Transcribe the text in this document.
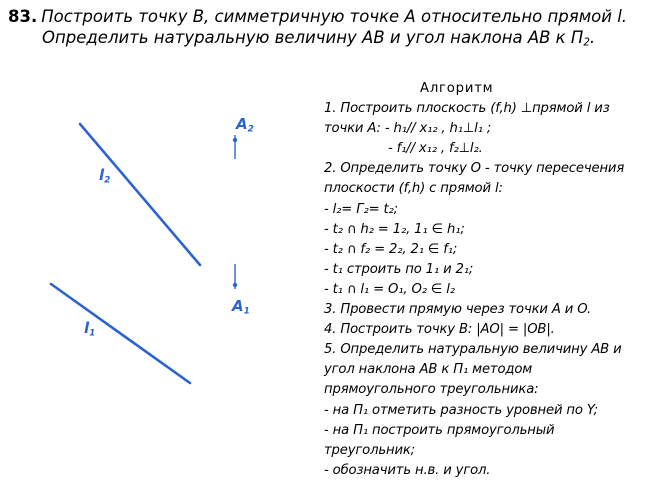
83. Построить точку B, симметричную точке A относительно прямой l.
Определить натуральную величину AB и угол наклона AB к $П_2$.
$A_2$
$A_1$
$l_2$
$l_1$
Алгоритм
1. Построить плоскость (f,h) ⊥прямой l из
точки A: - h₁// x₁₂ , h₁⊥l₁ ;
- f₁// x₁₂ , f₂⊥l₂.
2. Определить точку O - точку пересечения
плоскости (f,h) с прямой l:
- l₂= Г₂= t₂;
- t₂ ∩ h₂ = 1₂, 1₁ ∈ h₁;
- t₂ ∩ f₂ = 2₂, 2₁ ∈ f₁;
- t₁ строить по 1₁ и 2₁;
- t₁ ∩ l₁ = O₁, O₂ ∈ l₂
3. Провести прямую через точки A и O.
4. Построить точку B: |AO| = |OB|.
5. Определить натуральную величину AB и
угол наклона AB к П₁ методом
прямоугольного треугольника:
- на П₁ отметить разность уровней по Y;
- на П₁ построить прямоугольный
треугольник;
- обозначить н.в. и угол.
